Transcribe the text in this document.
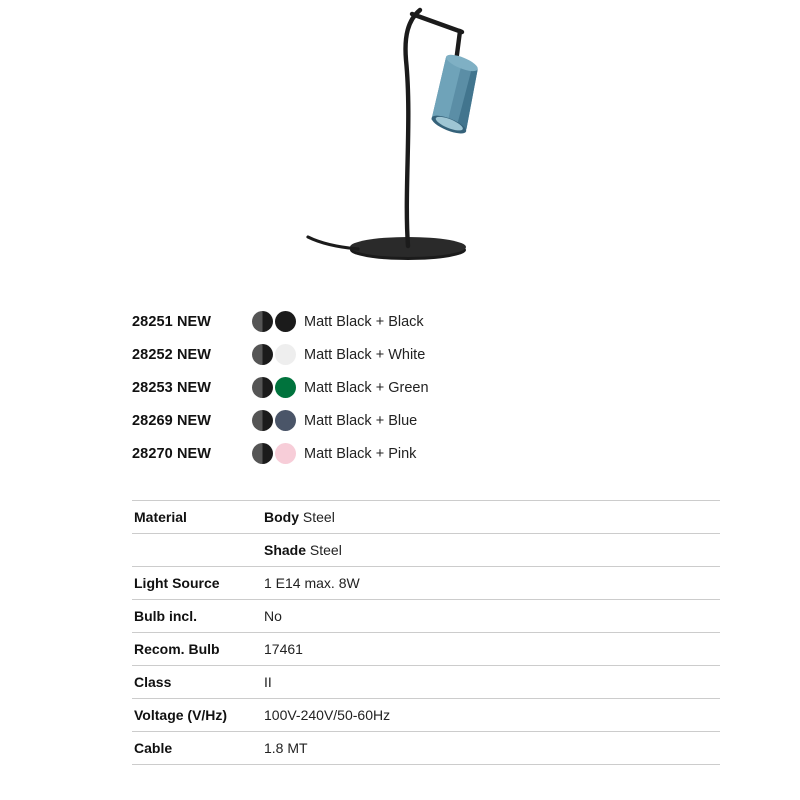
28251 NEW	Matt Black + Black
28252 NEW	Matt Black + White
28253 NEW	Matt Black + Green
28269 NEW	Matt Black + Blue
28270 NEW	Matt Black + Pink
Material	Body Steel
	Shade Steel
Light Source	1 E14 max. 8W
Bulb incl.	No
Recom. Bulb	17461
Class	II
Voltage (V/Hz)	100V-240V/50-60Hz
Cable	1.8 MT
